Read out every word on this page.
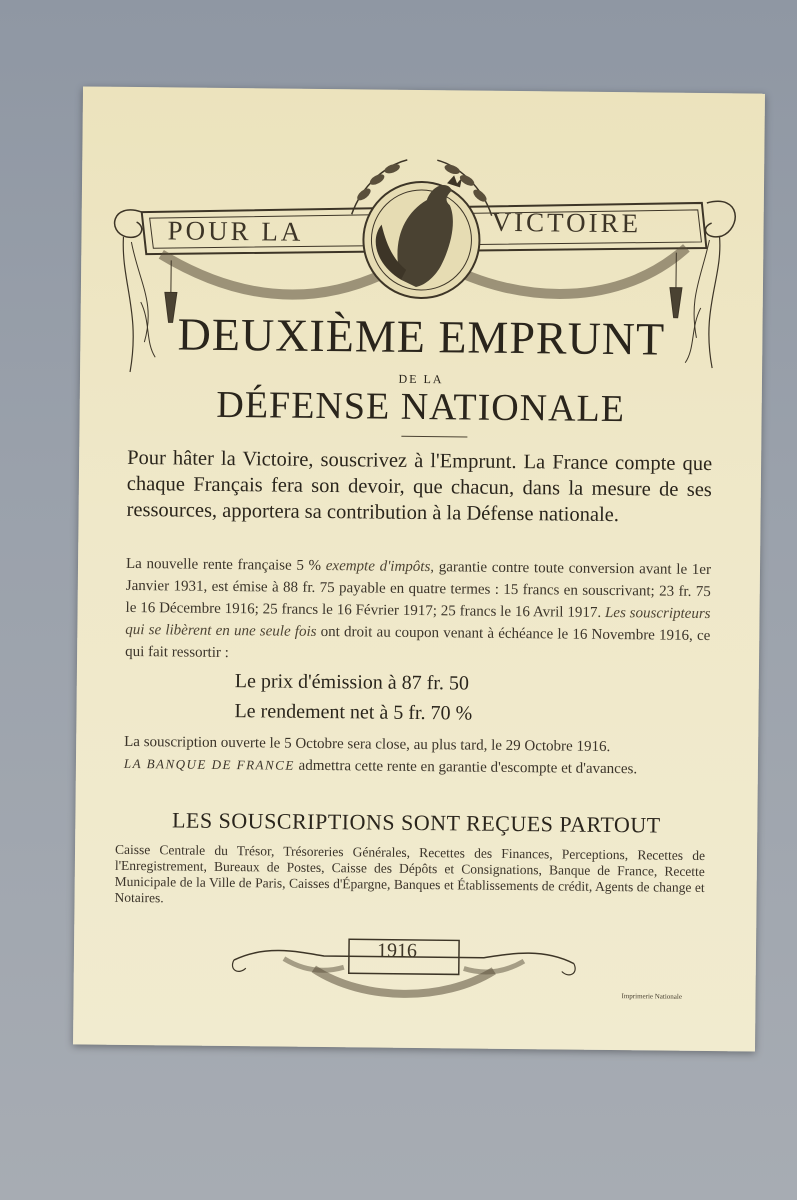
POUR LA	VICTOIRE
DEUXIÈME EMPRUNT
DE LA
DÉFENSE NATIONALE
Pour hâter la Victoire, souscrivez à l'Emprunt. La France compte que chaque Français fera son devoir, que chacun, dans la mesure de ses ressources, apportera sa contribution à la Défense nationale.
La nouvelle rente française 5 % exempte d'impôts, garantie contre toute conversion avant le 1er Janvier 1931, est émise à 88 fr. 75 payable en quatre termes : 15 francs en souscrivant; 23 fr. 75 le 16 Décembre 1916; 25 francs le 16 Février 1917; 25 francs le 16 Avril 1917. Les souscripteurs qui se libèrent en une seule fois ont droit au coupon venant à échéance le 16 Novembre 1916, ce qui fait ressortir :
Le prix d'émission à 87 fr. 50
Le rendement net à 5 fr. 70 %
La souscription ouverte le 5 Octobre sera close, au plus tard, le 29 Octobre 1916.
LA BANQUE DE FRANCE admettra cette rente en garantie d'escompte et d'avances.
LES SOUSCRIPTIONS SONT REÇUES PARTOUT
Caisse Centrale du Trésor, Trésoreries Générales, Recettes des Finances, Perceptions, Recettes de l'Enregistrement, Bureaux de Postes, Caisse des Dépôts et Consignations, Banque de France, Recette Municipale de la Ville de Paris, Caisses d'Épargne, Banques et Établissements de crédit, Agents de change et Notaires.
1916
Imprimerie Nationale
